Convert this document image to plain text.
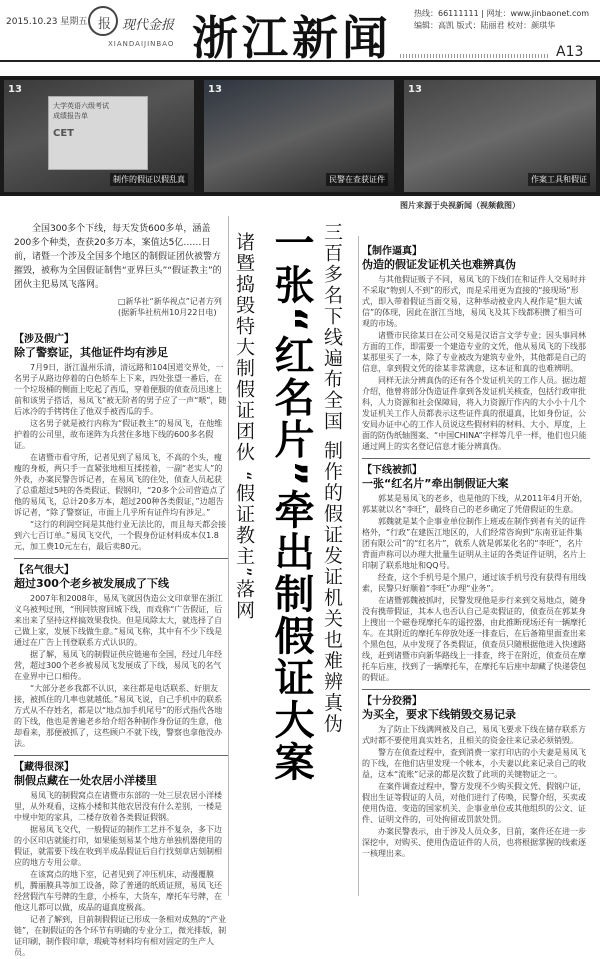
2015.10.23 星期五 报 现代金报
XIANDAIJINBAO 浙江新闻	热线：66111111 | 网址：www.jinbaonet.com
编辑：高凯 版式：陆丽君 校对：颜琪华
A13
13
大学英语六级考试
成绩报告单
CET
制作的假证以假乱真
13
民警在查获证件
13
作案工具和假证
图片来源于央视新闻（视频截图）

全国300多个下线，每天发货600多单，涵盖200多个种类，查获20多万本，案值达5亿……日前，诸暨一个涉及全国多个地区的制假证团伙被警方摧毁，被称为全国假证制售“亚界巨头”“假证教主”的团伙主犯易凤飞落网。

□新华社“新华视点”记者方列
(据新华社杭州10月22日电)
【涉及假广】
除了警察证，其他证件均有涉足

7月9日，浙江温州乐清，清远路和104国道交界处，一名男子从路边停着的白色轿车上下来，四处张望一番后，在一个垃圾桶的侧面上吃起了西瓜，穿着便服的侦查员迅速上前和该男子搭话，易凤飞”被无阶者的男子应了一声“喂”，随后冰冷的手铐铐住了他双手被西瓜的手。

这名男子就是被行内称为“假证教主”的易凤飞，在他维护着的公司里，故布迷阵为兵营住多地下线的600多名假证。

在诸暨市看守所，记者见到了易凤飞，不高的个头，瘦瘦的身板，两只手一直紧张地相互揉搓着，一副“老实人”的外表，办案民警告诉记者，在易凤飞的住处，侦查人员起获了总重超过5吨的各类假证、假钢印，“20多个公司营造点了他的易凤飞，总计20多万本，超过200种各类假证，”边超告诉记者，“除了警察证，市面上几乎所有证件均有涉足。”

“这行的利润空间是其他行业无法比的，而且每天都会接到六七百订单。”易凤飞交代，一个假身份证材料成本仅1.8元，加工费10元左右，最后卖80元。

【名气很大】
超过300个老乡被发展成了下线

2007年和2008年，易凤飞就因伪造公文印章罪在浙江义乌被判过刑，“刑同铁窗回城下线，而戏称“广告假证，后来出来了坚持这样搞效果我快。但是凤除太大，就选择了自己做上家，发展下线做生意。”易凤飞称，其中有不少下线是通过在广告上刊登联系方式认识的。

据了解，易凤飞的制假证供应链遍布全国，经过几年经营，超过300个老乡被易凤飞发展成了下线，易凤飞的名气在业界中已口相传。

“大部分老乡我都不认识，来往都是电话联系、好朋友接，被抓住的几率也就越低。”易凤飞说，自己手机中的联系方式从不存姓名，都是以“地点加手机尾号”的形式指代各地的下线，他也是普遍老乡给介绍各种制作身份证的生意，他却看来，那便被抓了，这些顾户不就下线，警察也拿他没办法。

【藏得很深】
制假点藏在一处农居小洋楼里

易凤飞的制假窝点在诸暨市东部的一处三层农居小洋楼里，从外观看，这栋小楼和其他农居没有什么差别，一楼是中规中矩的家具，二楼存放着各类假证假钢。

据易凤飞交代，一般假证的制作工艺并不复杂，多下边的小区印店就能打印，如果能刻易某个地方单独机器使用的假证，就需要下线在收到半成品假证后自行找刻章店刻制相应的地方专用公章。

在该窝点的地下室，记者见到了冲压机床，动漫覆膜机，腾丽膜具等加工设备，除了普通的纸质证照，易凤飞还经营假汽车号牌的生意，小桥车，大货车，摩托车号牌，在他这儿都可以做，成品的逼真度极高。

记者了解到，目前制假假证已形成一条相对成熟的“产业链”，在制假证的各个环节有明确的专业分工，微光排版，制证印刷，制作假印章，瑕疵等材料均有相对固定的生产人员。

三百多名下线遍布全国 制作的假证发证机关也难辨真伪
一张“红名片”牵出制假证大案
诸暨捣毁特大制假证团伙 “假证教主”落网	【制作逼真】
伪造的假证发证机关也难辨真伪

与其他假证贩子不同，易凤飞的下线们在和证件人交易时并不采取“物到人不到”的形式，而是采用更为直接的“接现场”形式，即入带着假证当面交易，这种举动被业内人视作是“胆大诚信”的体现，因此在浙江当地，易凤飞及其下线都积攒了相当可观的市场。

诸暨市民徐某日在公司交易是汉语言文学专业；因头事同林方面的工作，即需要一个建造专业的文凭，他从易凤飞的下线那某那里买了一本，除了专业被改为建筑专业外，其他都是自己的信息，拿到假文凭的徐某非常满意，这本证和真的也难辨明。

同样无法分辨真伪的还有各个发证机关的工作人员。据边超介绍，他曾将部分伪造证件拿到各发证机关核查，包括行政审批科，人力资源和社会保障局，将入力资源厅作内的大小小十几个发证机关工作人员都表示这些证件真的很逼真，比如身份证，公安局办证中心的工作人员说这些假材料的材料、大小、厚度，上面的防伪纸轴图案、“中国CHINA”字样等几乎一样，他们也只能通过网上的实名登记信息才能分辨真伪。

【下线被抓】
一张“红名片”牵出制假证大案

郭某是易凤飞的老乡，也是他的下线，从2011年4月开始，郭某就以名“李旺”，最终自己的老乡确定了凭借假证的生意。

郭魏就是某个企事业单位制作上班或在制作到者有关的证件格外，“行政”在建医江地区的，人们经常咨询到“东南亚证件集团有限公司”的“红名片”，就系人就是郭某化名的“李旺”，名片背面声称可以办理大批量生证明从主证的各类证件证明，名片上印制了联系地址和QQ号。

经查，这个手机号是个黑户，通过该手机号没有获得有用线索，民警只好顺着“李旺”办理“业务”。

在诸暨郭魏被抓时，民警发现他是步行来到交易地点，随身没有携带假证，其本人也否认自己是卖假证的，侦查员在郭某身上搜出一个磁卷现摩托车的遥控器，由此推断现场还有一辆摩托车。在其附近的摩托车停放处逐一排查后，在后备箱里面查出来个黑色包，从中发现了各类假证，侦查员只随根据他进入快速路线，赶到诸暨市向新华路线上一排查，终于在附近，侦查员在摩托车后座，找到了一辆摩托车，在摩托车后座中却藏了快递袋包的假证。

【十分狡猾】
为买全，要求下线销毁交易记录

为了防止下线满网被及自己，易凤飞要求下线在储存联系方式时都不要使用真实姓名，且相关的资金往来记录必须销毁。

警方在侦查过程中，查到消费一家打印店的小夫妻是易凤飞的下线，在他们店里发现一个帐本，小夫妻以此来记录自己的收益，这本“流账”记录的都是次数了此项的关键物证之一。

在案件调查过程中，警方发现不少购买假文凭、假钢户证，假出生证等假证的人员，对他们进行了传唤，民警介绍，买卖或使用伪造、变造的国家机关、企事业单位或其他组织的公文、证件、证明文件的，可处拘留或罚款处罚。

办案民警表示，由于涉及人员众多，目前，案件还在进一步深挖中，对购买、使用伪造证件的人员，也将根据掌握的线索逐一核理出来。
